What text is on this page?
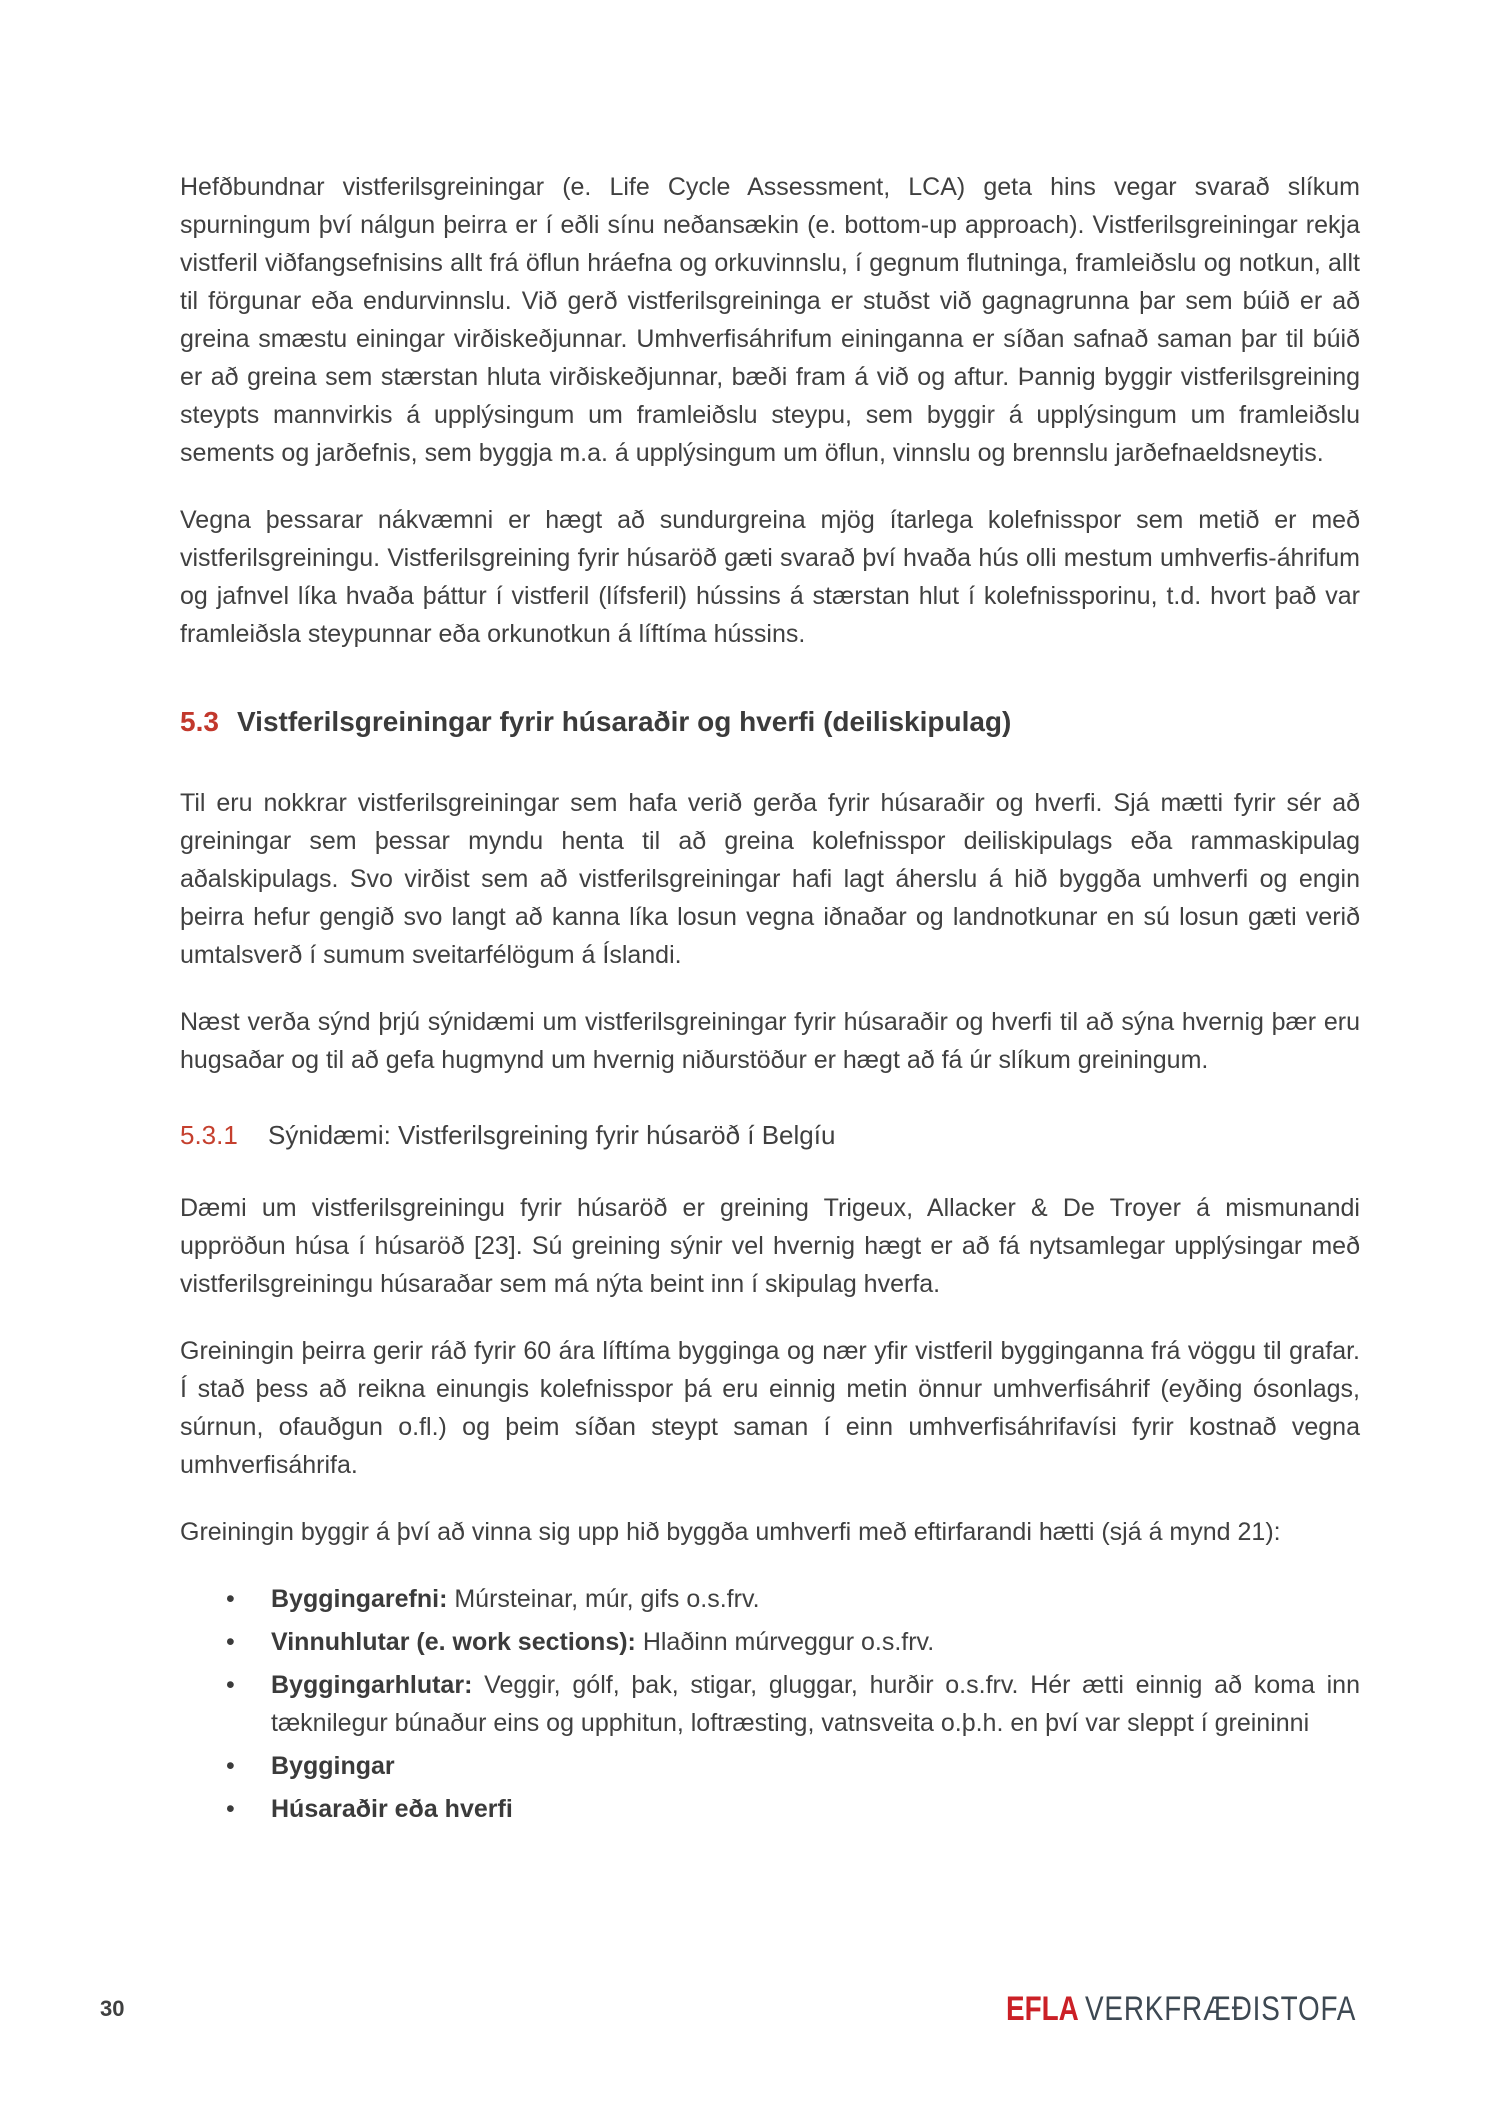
Hefðbundnar vistferilsgreiningar (e. Life Cycle Assessment, LCA) geta hins vegar svarað slíkum spurningum því nálgun þeirra er í eðli sínu neðansækin (e. bottom-up approach). Vistferilsgreiningar rekja vistferil viðfangsefnisins allt frá öflun hráefna og orkuvinnslu, í gegnum flutninga, framleiðslu og notkun, allt til förgunar eða endurvinnslu. Við gerð vistferilsgreininga er stuðst við gagnagrunna þar sem búið er að greina smæstu einingar virðiskeðjunnar. Umhverfisáhrifum eininganna er síðan safnað saman þar til búið er að greina sem stærstan hluta virðiskeðjunnar, bæði fram á við og aftur. Þannig byggir vistferilsgreining steypts mannvirkis á upplýsingum um framleiðslu steypu, sem byggir á upplýsingum um framleiðslu sements og jarðefnis, sem byggja m.a. á upplýsingum um öflun, vinnslu og brennslu jarðefnaeldsneytis.

Vegna þessarar nákvæmni er hægt að sundurgreina mjög ítarlega kolefnisspor sem metið er með vistferilsgreiningu. Vistferilsgreining fyrir húsaröð gæti svarað því hvaða hús olli mestum umhverfis-áhrifum og jafnvel líka hvaða þáttur í vistferil (lífsferil) hússins á stærstan hlut í kolefnissporinu, t.d. hvort það var framleiðsla steypunnar eða orkunotkun á líftíma hússins.

5.3 Vistferilsgreiningar fyrir húsaraðir og hverfi (deiliskipulag)

Til eru nokkrar vistferilsgreiningar sem hafa verið gerða fyrir húsaraðir og hverfi. Sjá mætti fyrir sér að greiningar sem þessar myndu henta til að greina kolefnisspor deiliskipulags eða rammaskipulag aðalskipulags. Svo virðist sem að vistferilsgreiningar hafi lagt áherslu á hið byggða umhverfi og engin þeirra hefur gengið svo langt að kanna líka losun vegna iðnaðar og landnotkunar en sú losun gæti verið umtalsverð í sumum sveitarfélögum á Íslandi.

Næst verða sýnd þrjú sýnidæmi um vistferilsgreiningar fyrir húsaraðir og hverfi til að sýna hvernig þær eru hugsaðar og til að gefa hugmynd um hvernig niðurstöður er hægt að fá úr slíkum greiningum.

5.3.1	Sýnidæmi: Vistferilsgreining fyrir húsaröð í Belgíu

Dæmi um vistferilsgreiningu fyrir húsaröð er greining Trigeux, Allacker & De Troyer á mismunandi uppröðun húsa í húsaröð [23]. Sú greining sýnir vel hvernig hægt er að fá nytsamlegar upplýsingar með vistferilsgreiningu húsaraðar sem má nýta beint inn í skipulag hverfa.

Greiningin þeirra gerir ráð fyrir 60 ára líftíma bygginga og nær yfir vistferil bygginganna frá vöggu til grafar. Í stað þess að reikna einungis kolefnisspor þá eru einnig metin önnur umhverfisáhrif (eyðing ósonlags, súrnun, ofauðgun o.fl.) og þeim síðan steypt saman í einn umhverfisáhrifavísi fyrir kostnað vegna umhverfisáhrifa.

Greiningin byggir á því að vinna sig upp hið byggða umhverfi með eftirfarandi hætti (sjá á mynd 21):

• Byggingarefni: Múrsteinar, múr, gifs o.s.frv.
• Vinnuhlutar (e. work sections): Hlaðinn múrveggur o.s.frv.
• Byggingarhlutar: Veggir, gólf, þak, stigar, gluggar, hurðir o.s.frv. Hér ætti einnig að koma inn tæknilegur búnaður eins og upphitun, loftræsting, vatnsveita o.þ.h. en því var sleppt í greininni
• Byggingar
• Húsaraðir eða hverfi
30	EFLA VERKFRÆÐISTOFA
